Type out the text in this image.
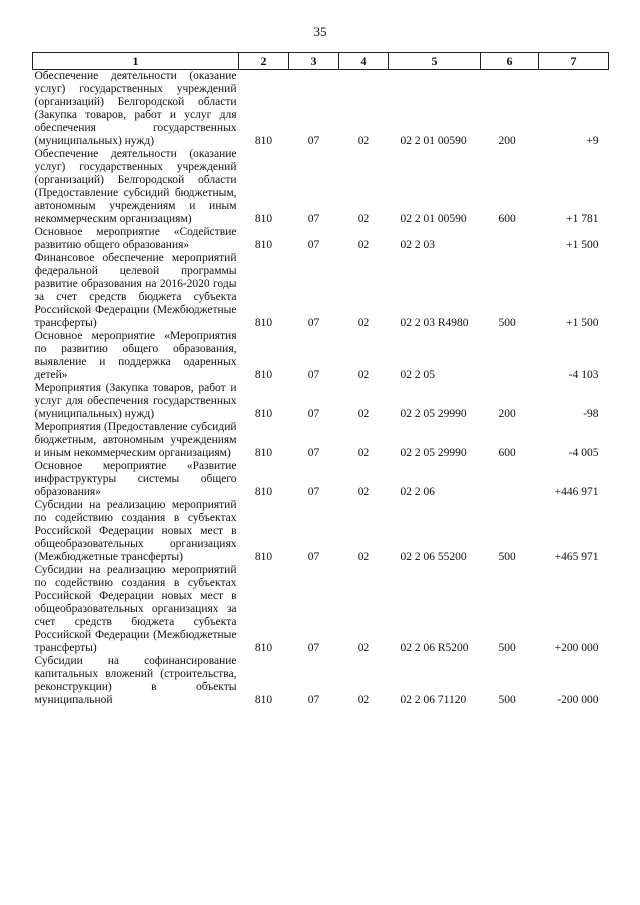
35
1	2	3	4	5	6	7
Обеспечение деятельности (оказание услуг) государственных учреждений (организаций) Белгородской области (Закупка товаров, работ и услуг для обеспечения государственных (муниципальных) нужд)	810	07	02	02 2 01 00590	200	+9
Обеспечение деятельности (оказание услуг) государственных учреждений (организаций) Белгородской области (Предоставление субсидий бюджетным, автономным учреждениям и иным некоммерческим организациям)	810	07	02	02 2 01 00590	600	+1 781
Основное мероприятие «Содействие развитию общего образования»	810	07	02	02 2 03		+1 500
Финансовое обеспечение мероприятий федеральной целевой программы развитие образования на 2016-2020 годы за счет средств бюджета субъекта Российской Федерации (Межбюджетные трансферты)	810	07	02	02 2 03 R4980	500	+1 500
Основное мероприятие «Мероприятия по развитию общего образования, выявление и поддержка одаренных детей»	810	07	02	02 2 05		-4 103
Мероприятия (Закупка товаров, работ и услуг для обеспечения государственных (муниципальных) нужд)	810	07	02	02 2 05 29990	200	-98
Мероприятия (Предоставление субсидий бюджетным, автономным учреждениям и иным некоммерческим организациям)	810	07	02	02 2 05 29990	600	-4 005
Основное мероприятие «Развитие инфраструктуры системы общего образования»	810	07	02	02 2 06		+446 971
Субсидии на реализацию мероприятий по содействию создания в субъектах Российской Федерации новых мест в общеобразовательных организациях (Межбюджетные трансферты)	810	07	02	02 2 06 55200	500	+465 971
Субсидии на реализацию мероприятий по содействию создания в субъектах Российской Федерации новых мест в общеобразовательных организациях за счет средств бюджета субъекта Российской Федерации (Межбюджетные трансферты)	810	07	02	02 2 06 R5200	500	+200 000
Субсидии на софинансирование капитальных вложений (строительства, реконструкции) в объекты муниципальной	810	07	02	02 2 06 71120	500	-200 000
